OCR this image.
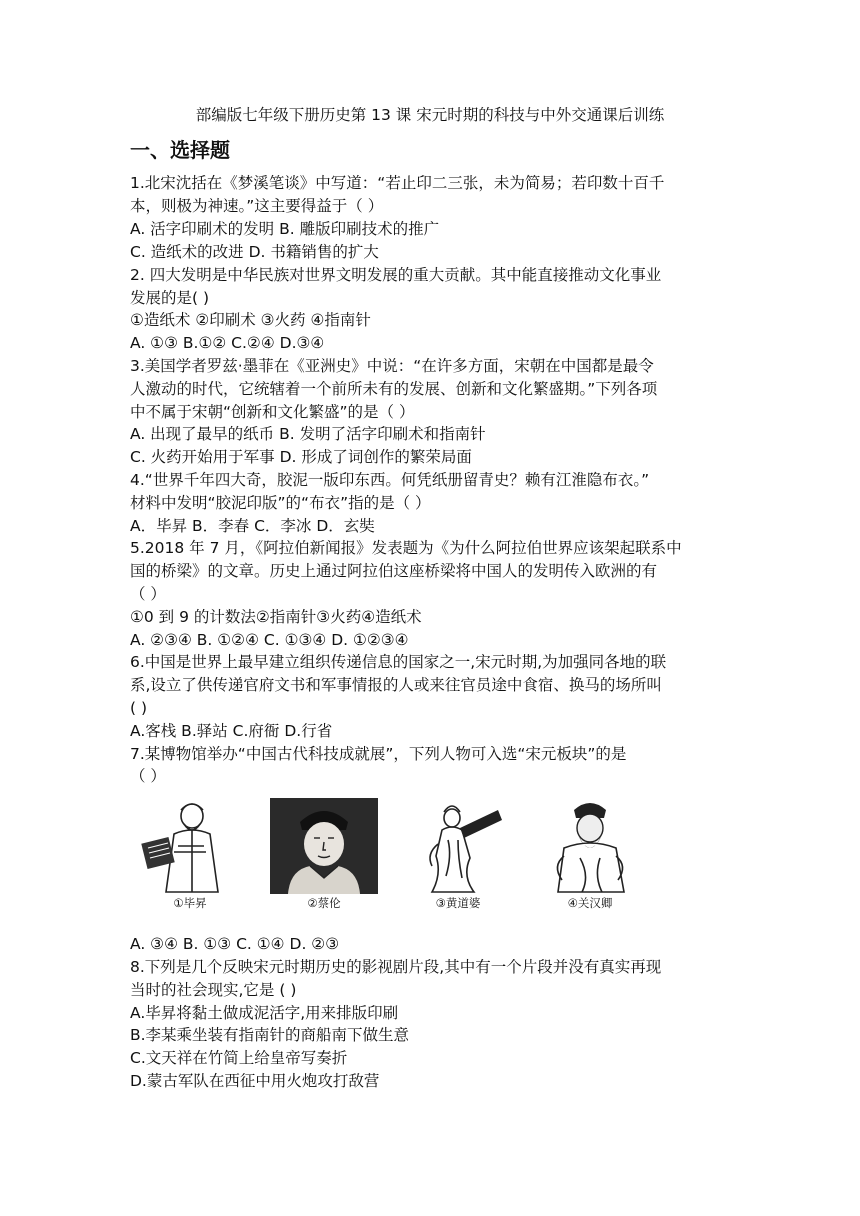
部编版七年级下册历史第 13 课 宋元时期的科技与中外交通课后训练
一、选择题
1.北宋沈括在《梦溪笔谈》中写道：“若止印二三张，未为简易；若印数十百千
本，则极为神速。”这主要得益于（ ）
A. 活字印刷术的发明 B. 雕版印刷技术的推广
C. 造纸术的改进 D. 书籍销售的扩大
2. 四大发明是中华民族对世界文明发展的重大贡献。其中能直接推动文化事业
发展的是( )
①造纸术 ②印刷术 ③火药 ④指南针
A. ①③ B.①② C.②④ D.③④
3.美国学者罗兹·墨菲在《亚洲史》中说：“在许多方面，宋朝在中国都是最令
人激动的时代，它统辖着一个前所未有的发展、创新和文化繁盛期。”下列各项
中不属于宋朝“创新和文化繁盛”的是（ ）
A. 出现了最早的纸币 B. 发明了活字印刷术和指南针
C. 火药开始用于军事 D. 形成了词创作的繁荣局面
4.“世界千年四大奇，胶泥一版印东西。何凭纸册留青史？赖有江淮隐布衣。”
材料中发明“胶泥印版”的“布衣”指的是（ ）
A．毕昇 B．李春 C．李冰 D．玄奘
5.2018 年 7 月，《阿拉伯新闻报》发表题为《为什么阿拉伯世界应该架起联系中
国的桥梁》的文章。历史上通过阿拉伯这座桥梁将中国人的发明传入欧洲的有
（ ）
①0 到 9 的计数法②指南针③火药④造纸术
A. ②③④ B. ①②④ C. ①③④ D. ①②③④
6.中国是世界上最早建立组织传递信息的国家之一,宋元时期,为加强同各地的联
系,设立了供传递官府文书和军事情报的人或来往官员途中食宿、换马的场所叫
( )
A.客栈 B.驿站 C.府衙 D.行省
7.某博物馆举办“中国古代科技成就展”，下列人物可入选“宋元板块”的是
（ ）
①毕昇	②蔡伦	③黄道婆	④关汉卿
A. ③④ B. ①③ C. ①④ D. ②③
8.下列是几个反映宋元时期历史的影视剧片段,其中有一个片段并没有真实再现
当时的社会现实,它是 ( )
A.毕昇将黏土做成泥活字,用来排版印刷
B.李某乘坐装有指南针的商船南下做生意
C.文天祥在竹简上给皇帝写奏折
D.蒙古军队在西征中用火炮攻打敌营
